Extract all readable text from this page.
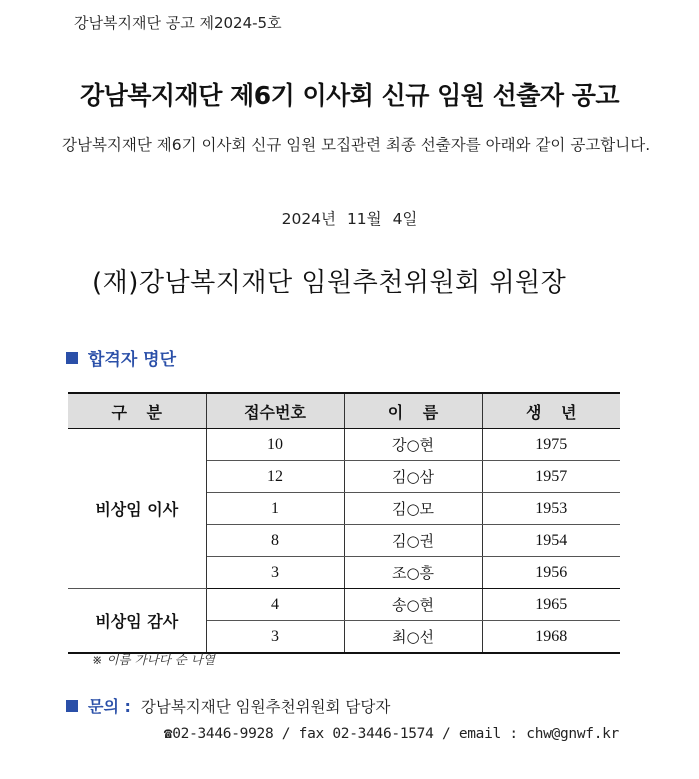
강남복지재단 공고 제2024-5호
강남복지재단 제6기 이사회 신규 임원 선출자 공고
강남복지재단 제6기 이사회 신규 임원 모집관련 최종 선출자를 아래와 같이 공고합니다.
2024년 11월 4일
(재)강남복지재단 임원추천위원회 위원장
합격자 명단
구 분	접수번호	이 름	생 년
비상임 이사	10	강○현	1975
	12	김○삼	1957
	1	김○모	1953
	8	김○권	1954
	3	조○흥	1956
비상임 감사	4	송○현	1965
	3	최○선	1968
※ 이름 가나다 순 나열
문의 : 강남복지재단 임원추천위원회 담당자
☎02-3446-9928 / fax 02-3446-1574 / email : chw@gnwf.kr
